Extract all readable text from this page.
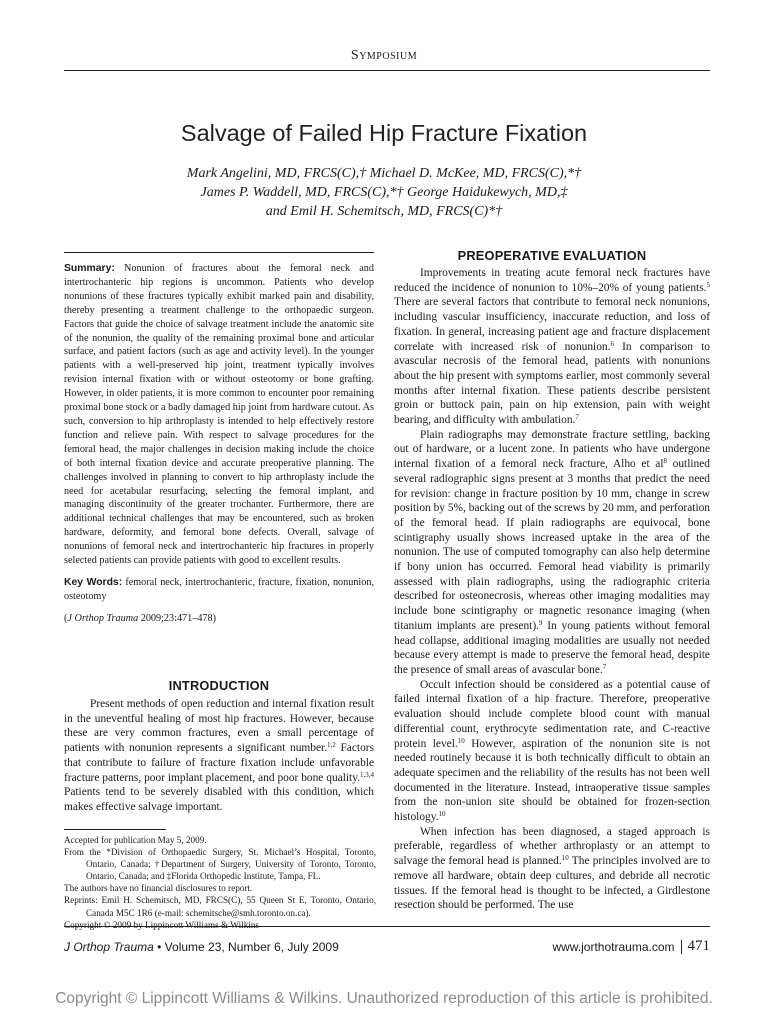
Symposium
Salvage of Failed Hip Fracture Fixation
Mark Angelini, MD, FRCS(C),† Michael D. McKee, MD, FRCS(C),*†
James P. Waddell, MD, FRCS(C),*† George Haidukewych, MD,‡
and Emil H. Schemitsch, MD, FRCS(C)*†

Summary: Nonunion of fractures about the femoral neck and intertrochanteric hip regions is uncommon. Patients who develop nonunions of these fractures typically exhibit marked pain and disability, thereby presenting a treatment challenge to the orthopaedic surgeon. Factors that guide the choice of salvage treatment include the anatomic site of the nonunion, the quality of the remaining proximal bone and articular surface, and patient factors (such as age and activity level). In the younger patients with a well-preserved hip joint, treatment typically involves revision internal fixation with or without osteotomy or bone grafting. However, in older patients, it is more common to encounter poor remaining proximal bone stock or a badly damaged hip joint from hardware cutout. As such, conversion to hip arthroplasty is intended to help effectively restore function and relieve pain. With respect to salvage procedures for the femoral head, the major challenges in decision making include the choice of both internal fixation device and accurate preoperative planning. The challenges involved in planning to convert to hip arthroplasty include the need for acetabular resurfacing, selecting the femoral implant, and managing discontinuity of the greater trochanter. Furthermore, there are additional technical challenges that may be encountered, such as broken hardware, deformity, and femoral bone defects. Overall, salvage of nonunions of femoral neck and intertrochanteric hip fractures in properly selected patients can provide patients with good to excellent results.

Key Words: femoral neck, intertrochanteric, fracture, fixation, nonunion, osteotomy

(J Orthop Trauma 2009;23:471–478)

INTRODUCTION

Present methods of open reduction and internal fixation result in the uneventful healing of most hip fractures. However, because these are very common fractures, even a small percentage of patients with nonunion represents a significant number.$^{1,2}$ Factors that contribute to failure of fracture fixation include unfavorable fracture patterns, poor implant placement, and poor bone quality.$^{1,3,4}$ Patients tend to be severely disabled with this condition, which makes effective salvage important.

Accepted for publication May 5, 2009.
From the *Division of Orthopaedic Surgery, St. Michael’s Hospital, Toronto, Ontario, Canada; †Department of Surgery, University of Toronto, Toronto, Ontario, Canada; and ‡Florida Orthopedic Institute, Tampa, FL.
The authors have no financial disclosures to report.
Reprints: Emil H. Schemitsch, MD, FRCS(C), 55 Queen St E, Toronto, Ontario, Canada M5C 1R6 (e-mail: schemitsche@smh.toronto.on.ca).
Copyright © 2009 by Lippincott Williams & Wilkins
PREOPERATIVE EVALUATION

Improvements in treating acute femoral neck fractures have reduced the incidence of nonunion to 10%–20% of young patients.$^5$ There are several factors that contribute to femoral neck nonunions, including vascular insufficiency, inaccurate reduction, and loss of fixation. In general, increasing patient age and fracture displacement correlate with increased risk of nonunion.$^6$ In comparison to avascular necrosis of the femoral head, patients with nonunions about the hip present with symptoms earlier, most commonly several months after internal fixation. These patients describe persistent groin or buttock pain, pain on hip extension, pain with weight bearing, and difficulty with ambulation.$^7$

Plain radiographs may demonstrate fracture settling, backing out of hardware, or a lucent zone. In patients who have undergone internal fixation of a femoral neck fracture, Alho et $al^8$ outlined several radiographic signs present at 3 months that predict the need for revision: change in fracture position by 10 mm, change in screw position by 5%, backing out of the screws by 20 mm, and perforation of the femoral head. If plain radiographs are equivocal, bone scintigraphy usually shows increased uptake in the area of the nonunion. The use of computed tomography can also help determine if bony union has occurred. Femoral head viability is primarily assessed with plain radiographs, using the radiographic criteria described for osteonecrosis, whereas other imaging modalities may include bone scintigraphy or magnetic resonance imaging (when titanium implants are present).$^9$ In young patients without femoral head collapse, additional imaging modalities are usually not needed because every attempt is made to preserve the femoral head, despite the presence of small areas of avascular bone.$^7$

Occult infection should be considered as a potential cause of failed internal fixation of a hip fracture. Therefore, preoperative evaluation should include complete blood count with manual differential count, erythrocyte sedimentation rate, and C-reactive protein level.$^{10}$ However, aspiration of the nonunion site is not needed routinely because it is both technically difficult to obtain an adequate specimen and the reliability of the results has not been well documented in the literature. Instead, intraoperative tissue samples from the non-union site should be obtained for frozen-section histology.$^{10}$

When infection has been diagnosed, a staged approach is preferable, regardless of whether arthroplasty or an attempt to salvage the femoral head is planned.$^{10}$ The principles involved are to remove all hardware, obtain deep cultures, and debride all necrotic tissues. If the femoral head is thought to be infected, a Girdlestone resection should be performed. The use

J Orthop Trauma • Volume 23, Number 6, July 2009	www.jorthotrauma.com 471
Copyright © Lippincott Williams & Wilkins. Unauthorized reproduction of this article is prohibited.
